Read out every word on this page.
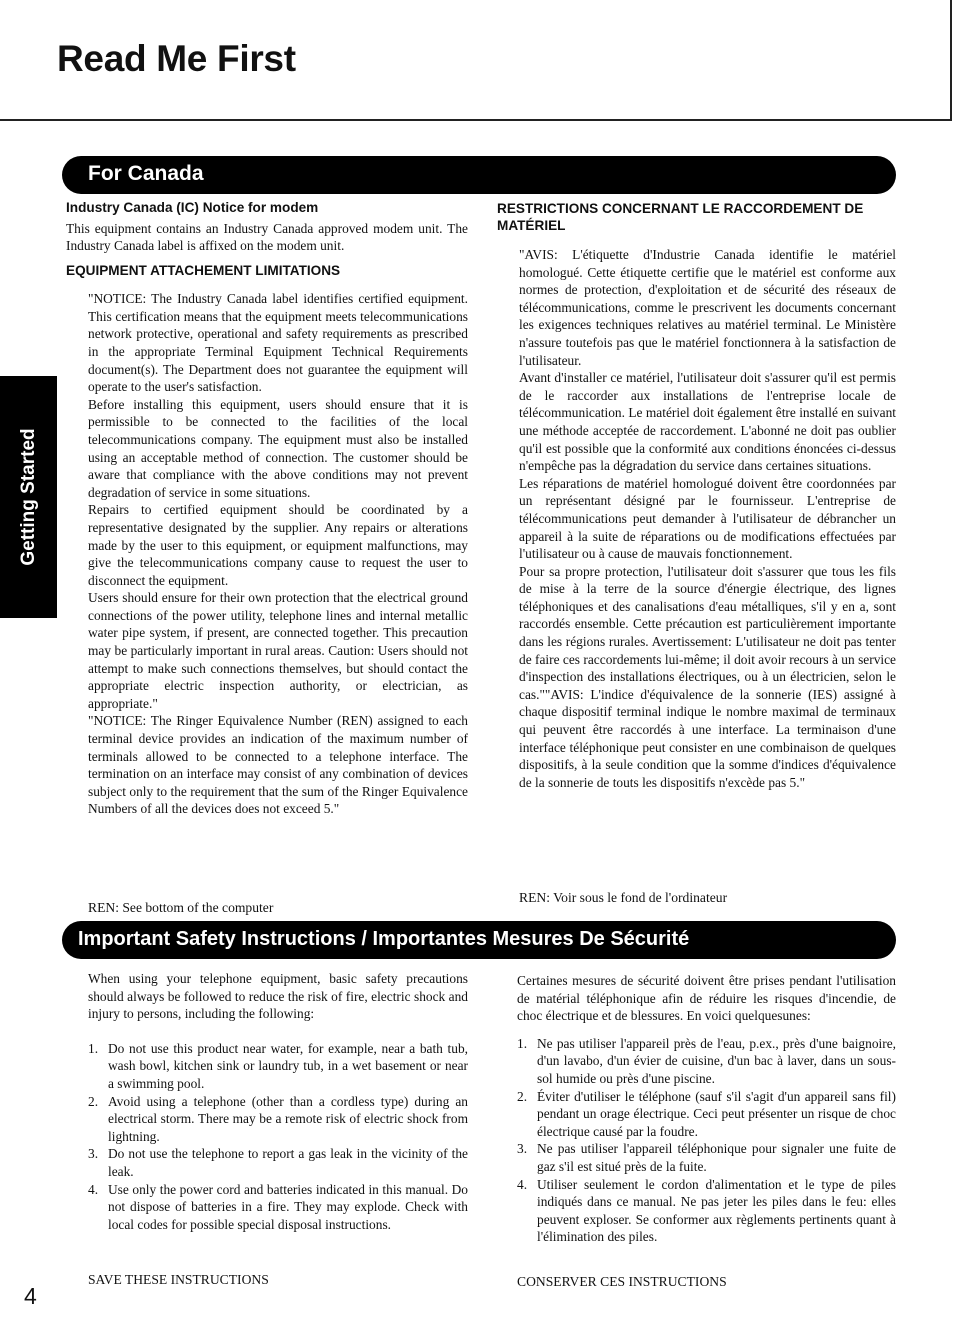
Read Me First
Getting Started
For Canada
Industry Canada (IC) Notice for modem

This equipment contains an Industry Canada approved modem unit. The Industry Canada label is affixed on the modem unit.

EQUIPMENT ATTACHEMENT LIMITATIONS

"NOTICE: The Industry Canada label identifies certified equipment. This certification means that the equipment meets telecommunications network protective, operational and safety requirements as prescribed in the appropriate Terminal Equipment Technical Requirements document(s). The Department does not guarantee the equipment will operate to the user's satisfaction.

Before installing this equipment, users should ensure that it is permissible to be connected to the facilities of the local telecommunications company. The equipment must also be installed using an acceptable method of connection. The customer should be aware that compliance with the above conditions may not prevent degradation of service in some situations.

Repairs to certified equipment should be coordinated by a representative designated by the supplier. Any repairs or alterations made by the user to this equipment, or equipment malfunctions, may give the telecommunications company cause to request the user to disconnect the equipment.

Users should ensure for their own protection that the electrical ground connections of the power utility, telephone lines and internal metallic water pipe system, if present, are connected together. This precaution may be particularly important in rural areas. Caution: Users should not attempt to make such connections themselves, but should contact the appropriate electric inspection authority, or electrician, as appropriate."

"NOTICE: The Ringer Equivalence Number (REN) assigned to each terminal device provides an indication of the maximum number of terminals allowed to be connected to a telephone interface. The termination on an interface may consist of any combination of devices subject only to the requirement that the sum of the Ringer Equivalence Numbers of all the devices does not exceed 5."

REN: See bottom of the computer
RESTRICTIONS CONCERNANT LE RACCORDEMENT DE MATÉRIEL

"AVIS: L'étiquette d'Industrie Canada identifie le matériel homologué. Cette étiquette certifie que le matériel est conforme aux normes de protection, d'exploitation et de sécurité des réseaux de télécommunications, comme le prescrivent les documents concernant les exigences techniques relatives au matériel terminal. Le Ministère n'assure toutefois pas que le matériel fonctionnera à la satisfaction de l'utilisateur.

Avant d'installer ce matériel, l'utilisateur doit s'assurer qu'il est permis de le raccorder aux installations de l'entreprise locale de télécommunication. Le matériel doit également être installé en suivant une méthode acceptée de raccordement. L'abonné ne doit pas oublier qu'il est possible que la conformité aux conditions énoncées ci-dessus n'empêche pas la dégradation du service dans certaines situations.

Les réparations de matériel homologué doivent être coordonnées par un représentant désigné par le fournisseur. L'entreprise de télécommunications peut demander à l'utilisateur de débrancher un appareil à la suite de réparations ou de modifications effectuées par l'utilisateur ou à cause de mauvais fonctionnement.

Pour sa propre protection, l'utilisateur doit s'assurer que tous les fils de mise à la terre de la source d'énergie électrique, des lignes téléphoniques et des canalisations d'eau métalliques, s'il y en a, sont raccordés ensemble. Cette précaution est particulièrement importante dans les régions rurales. Avertissement: L'utilisateur ne doit pas tenter de faire ces raccordements lui-même; il doit avoir recours à un service d'inspection des installations électriques, ou à un électricien, selon le cas.""AVIS: L'indice d'équivalence de la sonnerie (IES) assigné à chaque dispositif terminal indique le nombre maximal de terminaux qui peuvent être raccordés à une interface. La terminaison d'une interface téléphonique peut consister en une combinaison de quelques dispositifs, à la seule condition que la somme d'indices d'équivalence de la sonnerie de touts les dispositifs n'excède pas 5."

REN: Voir sous le fond de l'ordinateur
Important Safety Instructions / Importantes Mesures De Sécurité

When using your telephone equipment, basic safety precautions should always be followed to reduce the risk of fire, electric shock and injury to persons, including the following:

1. Do not use this product near water, for example, near a bath tub, wash bowl, kitchen sink or laundry tub, in a wet basement or near a swimming pool.
2. Avoid using a telephone (other than a cordless type) during an electrical storm. There may be a remote risk of electric shock from lightning.
3. Do not use the telephone to report a gas leak in the vicinity of the leak.
4. Use only the power cord and batteries indicated in this manual. Do not dispose of batteries in a fire. They may explode. Check with local codes for possible special disposal instructions.
SAVE THESE INSTRUCTIONS

Certaines mesures de sécurité doivent être prises pendant l'utilisation de matérial téléphonique afin de réduire les risques d'incendie, de choc électrique et de blessures. En voici quelquesunes:

1. Ne pas utiliser l'appareil près de l'eau, p.ex., près d'une baignoire, d'un lavabo, d'un évier de cuisine, d'un bac à laver, dans un sous-sol humide ou près d'une piscine.
2. Éviter d'utiliser le téléphone (sauf s'il s'agit d'un appareil sans fil) pendant un orage électrique. Ceci peut présenter un risque de choc électrique causé par la foudre.
3. Ne pas utiliser l'appareil téléphonique pour signaler une fuite de gaz s'il est situé près de la fuite.
4. Utiliser seulement le cordon d'alimentation et le type de piles indiqués dans ce manual. Ne pas jeter les piles dans le feu: elles peuvent exploser. Se conformer aux règlements pertinents quant à l'élimination des piles.
CONSERVER CES INSTRUCTIONS
4
